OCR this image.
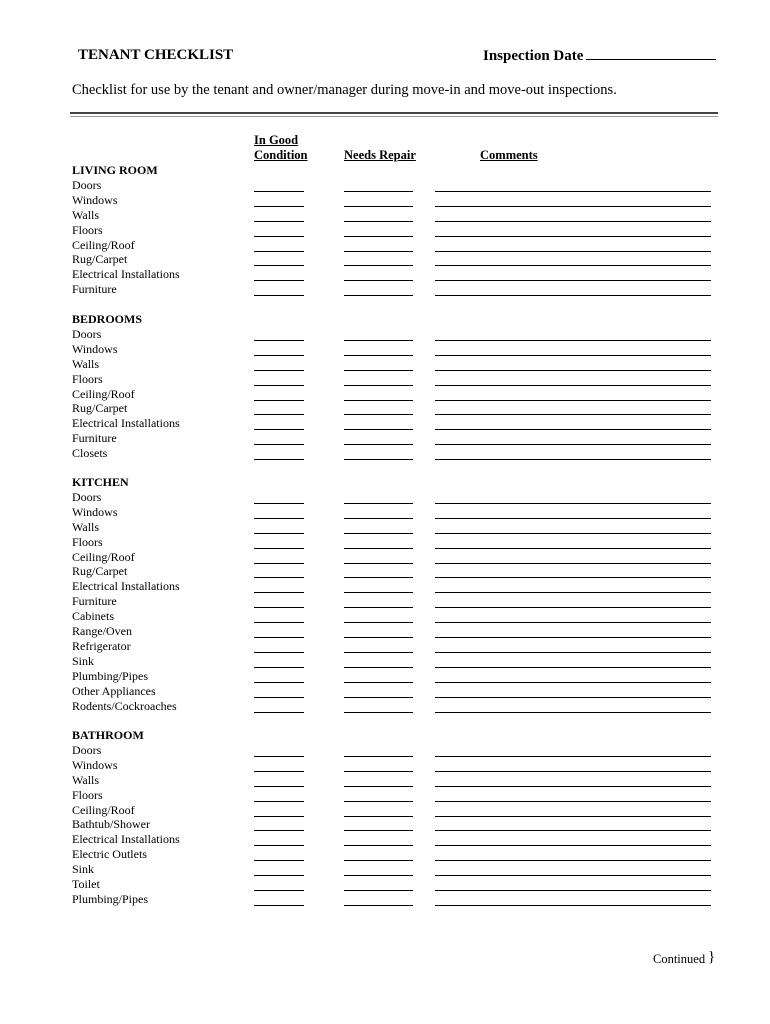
TENANT CHECKLIST	Inspection Date
Checklist for use by the tenant and owner/manager during move-in and move-out inspections.
In Good
Condition	Needs Repair	Comments
LIVING ROOM
Doors
Windows
Walls
Floors
Ceiling/Roof
Rug/Carpet
Electrical Installations
Furniture
BEDROOMS
Doors
Windows
Walls
Floors
Ceiling/Roof
Rug/Carpet
Electrical Installations
Furniture
Closets
KITCHEN
Doors
Windows
Walls
Floors
Ceiling/Roof
Rug/Carpet
Electrical Installations
Furniture
Cabinets
Range/Oven
Refrigerator
Sink
Plumbing/Pipes
Other Appliances
Rodents/Cockroaches
BATHROOM
Doors
Windows
Walls
Floors
Ceiling/Roof
Bathtub/Shower
Electrical Installations
Electric Outlets
Sink
Toilet
Plumbing/Pipes
Continued }
